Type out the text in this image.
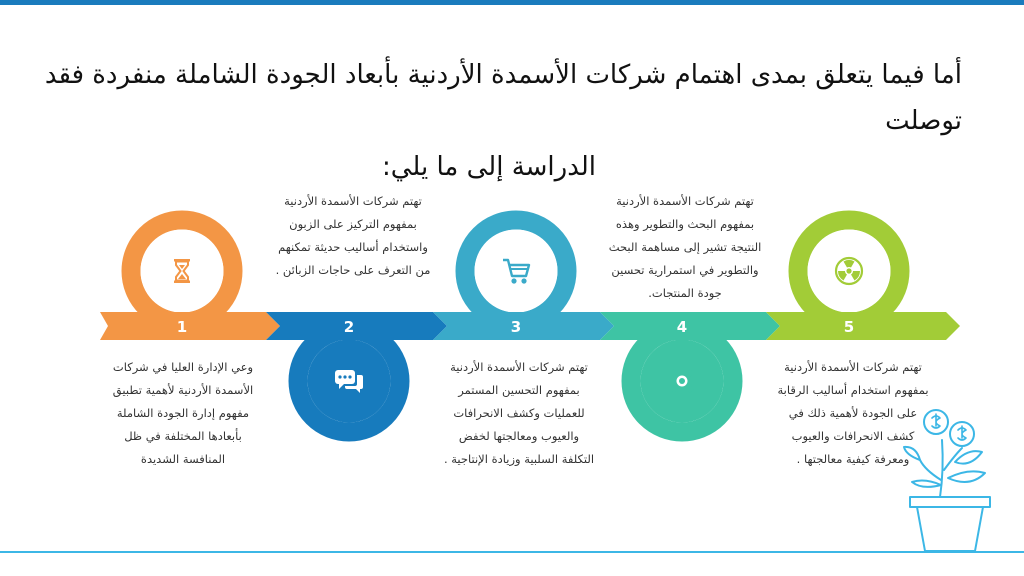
أما فيما يتعلق بمدى اهتمام شركات الأسمدة الأردنية بأبعاد الجودة الشاملة منفردة فقد توصلت
الدراسة إلى ما يلي:
1	2	3	4	5
وعي الإدارة العليا في شركات
الأسمدة الأردنية لأهمية تطبيق
مفهوم إدارة الجودة الشاملة
بأبعادها المختلفة في ظل
المنافسة الشديدة
تهتم شركات الأسمدة الأردنية
بمفهوم التركيز على الزبون
واستخدام أساليب حديثة تمكنهم
من التعرف على حاجات الزبائن .
تهتم شركات الأسمدة الأردنية
بمفهوم التحسين المستمر
للعمليات وكشف الانحرافات
والعيوب ومعالجتها لخفض
التكلفة السلبية وزيادة الإنتاجية .
تهتم شركات الأسمدة الأردنية
بمفهوم البحث والتطوير وهذه
النتيجة تشير إلى مساهمة البحث
والتطوير في استمرارية تحسين
جودة المنتجات.
تهتم شركات الأسمدة الأردنية
بمفهوم استخدام أساليب الرقابة
على الجودة لأهمية ذلك في
كشف الانحرافات والعيوب
ومعرفة كيفية معالجتها .
